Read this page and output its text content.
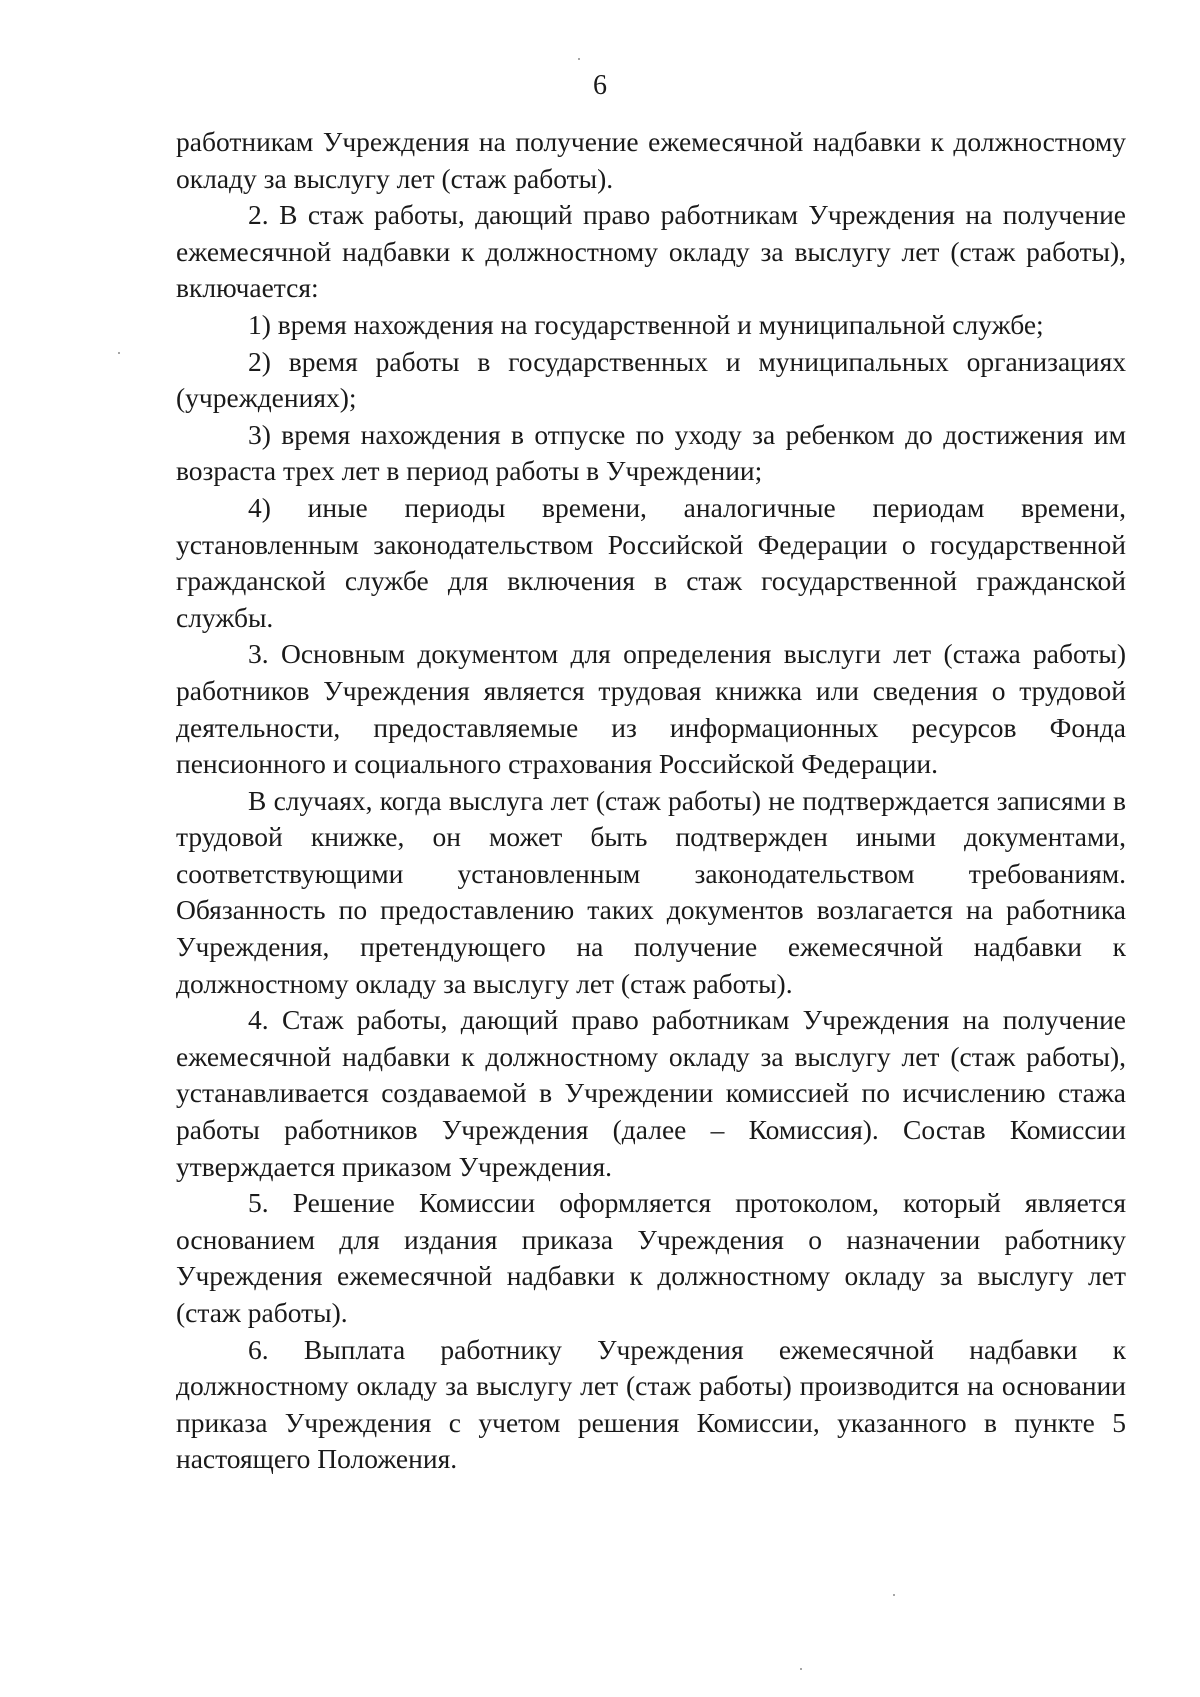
6

работникам Учреждения на получение ежемесячной надбавки к должностному окладу за выслугу лет (стаж работы).

2. В стаж работы, дающий право работникам Учреждения на получение ежемесячной надбавки к должностному окладу за выслугу лет (стаж работы), включается:

1) время нахождения на государственной и муниципальной службе;

2) время работы в государственных и муниципальных организациях (учреждениях);

3) время нахождения в отпуске по уходу за ребенком до достижения им возраста трех лет в период работы в Учреждении;

4) иные периоды времени, аналогичные периодам времени, установленным законодательством Российской Федерации о государственной гражданской службе для включения в стаж государственной гражданской службы.

3. Основным документом для определения выслуги лет (стажа работы) работников Учреждения является трудовая книжка или сведения о трудовой деятельности, предоставляемые из информационных ресурсов Фонда пенсионного и социального страхования Российской Федерации.

В случаях, когда выслуга лет (стаж работы) не подтверждается записями в трудовой книжке, он может быть подтвержден иными документами, соответствующими установленным законодательством требованиям. Обязанность по предоставлению таких документов возлагается на работника Учреждения, претендующего на получение ежемесячной надбавки к должностному окладу за выслугу лет (стаж работы).

4. Стаж работы, дающий право работникам Учреждения на получение ежемесячной надбавки к должностному окладу за выслугу лет (стаж работы), устанавливается создаваемой в Учреждении комиссией по исчислению стажа работы работников Учреждения (далее – Комиссия). Состав Комиссии утверждается приказом Учреждения.

5. Решение Комиссии оформляется протоколом, который является основанием для издания приказа Учреждения о назначении работнику Учреждения ежемесячной надбавки к должностному окладу за выслугу лет (стаж работы).

6. Выплата работнику Учреждения ежемесячной надбавки к должностному окладу за выслугу лет (стаж работы) производится на основании приказа Учреждения с учетом решения Комиссии, указанного в пункте 5 настоящего Положения.
